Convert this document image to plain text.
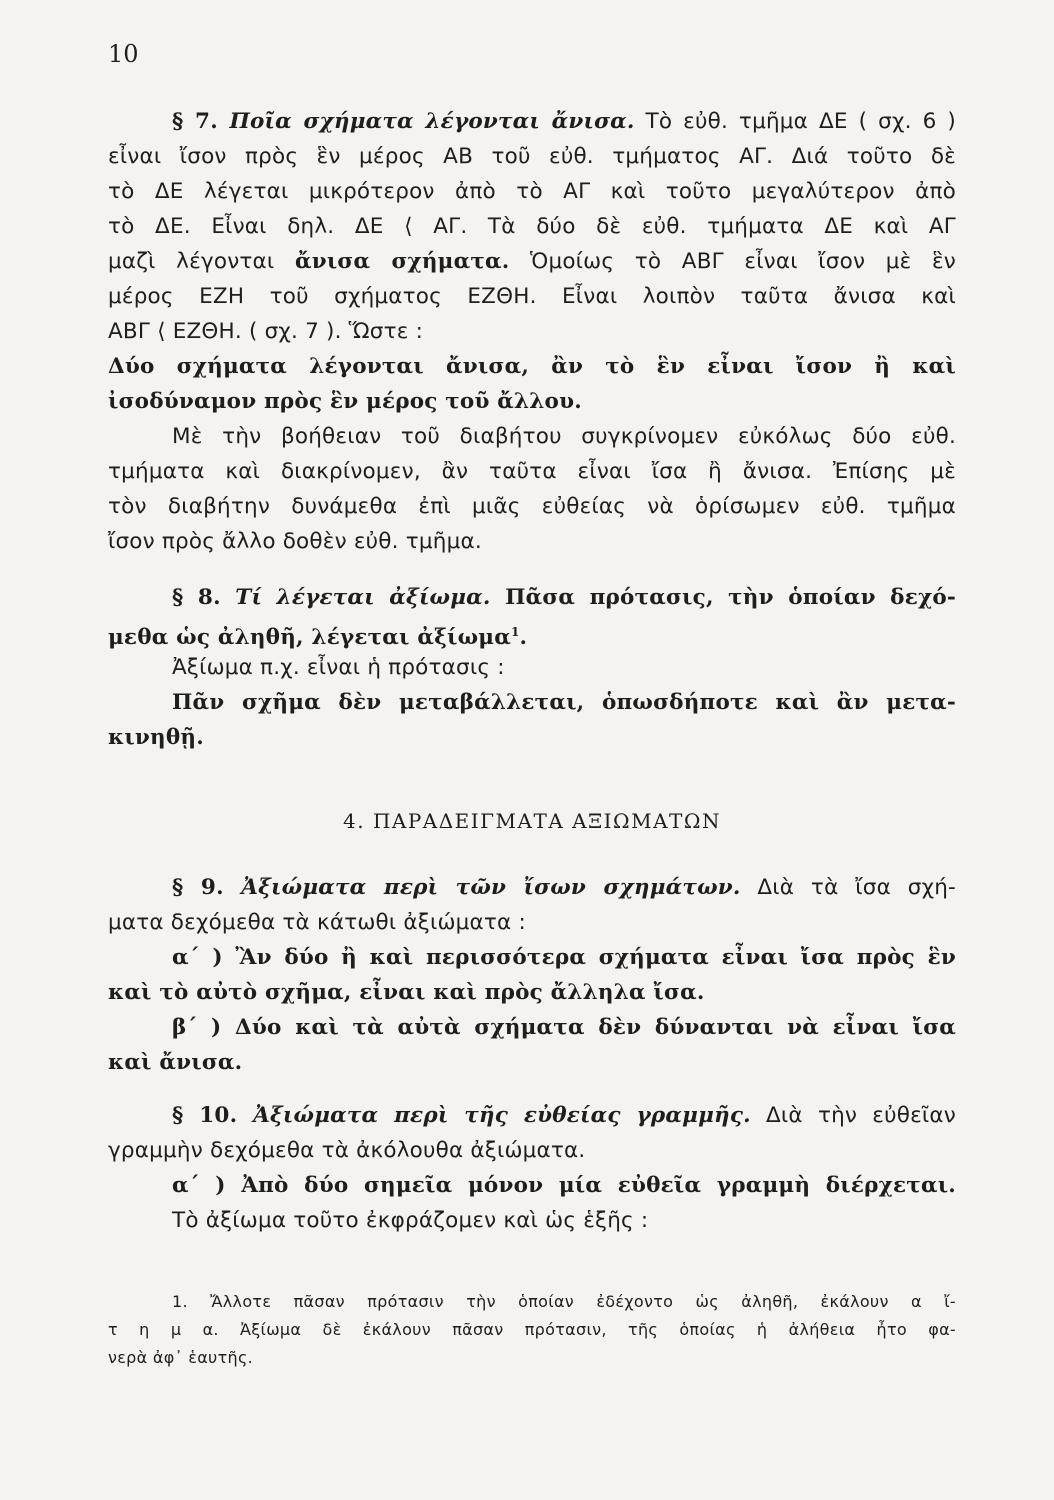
10
§ 7. Ποῖα σχήματα λέγονται ἄνισα. Τὸ εὐθ. τμῆμα ΔΕ ( σχ. 6 )
εἶναι ἴσον πρὸς ἓν μέρος ΑΒ τοῦ εὐθ. τμήματος ΑΓ. Διά τοῦτο δὲ
τὸ ΔΕ λέγεται μικρότερον ἀπὸ τὸ ΑΓ καὶ τοῦτο μεγαλύτερον ἀπὸ
τὸ ΔΕ. Εἶναι δηλ. ΔΕ ⟨ ΑΓ. Τὰ δύο δὲ εὐθ. τμήματα ΔΕ καὶ ΑΓ
μαζὶ λέγονται ἄνισα σχήματα. Ὁμοίως τὸ ΑΒΓ εἶναι ἴσον μὲ ἓν
μέρος ΕΖΗ τοῦ σχήματος ΕΖΘΗ. Εἶναι λοιπὸν ταῦτα ἄνισα καὶ
ΑΒΓ ⟨ ΕΖΘΗ. ( σχ. 7 ). Ὥστε :
Δύο σχήματα λέγονται ἄνισα, ἂν τὸ ἓν εἶναι ἴσον ἢ καὶ
ἰσοδύναμον πρὸς ἓν μέρος τοῦ ἄλλου.
Μὲ τὴν βοήθειαν τοῦ διαβήτου συγκρίνομεν εὐκόλως δύο εὐθ.
τμήματα καὶ διακρίνομεν, ἂν ταῦτα εἶναι ἴσα ἢ ἄνισα. Ἐπίσης μὲ
τὸν διαβήτην δυνάμεθα ἐπὶ μιᾶς εὐθείας νὰ ὁρίσωμεν εὐθ. τμῆμα
ἴσον πρὸς ἄλλο δοθὲν εὐθ. τμῆμα.
§ 8. Τί λέγεται ἀξίωμα. Πᾶσα πρότασις, τὴν ὁποίαν δεχό-
μεθα ὡς ἀληθῆ, λέγεται ἀξίωμα$^1$.
Ἀξίωμα π.χ. εἶναι ἡ πρότασις :
Πᾶν σχῆμα δὲν μεταβάλλεται, ὁπωσδήποτε καὶ ἂν μετα-
κινηθῇ.
4. ΠΑΡΑΔΕΙΓΜΑΤΑ ΑΞΙΩΜΑΤΩΝ
§ 9. Ἀξιώματα περὶ τῶν ἴσων σχημάτων. Διὰ τὰ ἴσα σχή-
ματα δεχόμεθα τὰ κάτωθι ἀξιώματα :
α΄ ) Ἂν δύο ἢ καὶ περισσότερα σχήματα εἶναι ἴσα πρὸς ἓν
καὶ τὸ αὐτὸ σχῆμα, εἶναι καὶ πρὸς ἄλληλα ἴσα.
β΄ ) Δύο καὶ τὰ αὐτὰ σχήματα δὲν δύνανται νὰ εἶναι ἴσα
καὶ ἄνισα.
§ 10. Ἀξιώματα περὶ τῆς εὐθείας γραμμῆς. Διὰ τὴν εὐθεῖαν
γραμμὴν δεχόμεθα τὰ ἀκόλουθα ἀξιώματα.
α΄ ) Ἀπὸ δύο σημεῖα μόνον μία εὐθεῖα γραμμὴ διέρχεται.
Τὸ ἀξίωμα τοῦτο ἐκφράζομεν καὶ ὡς ἑξῆς :
1. Ἄλλοτε πᾶσαν πρότασιν τὴν ὁποίαν ἐδέχοντο ὡς ἀληθῆ, ἐκάλουν α ἴ-
τ η μ α. Ἀξίωμα δὲ ἐκάλουν πᾶσαν πρότασιν, τῆς ὁποίας ἡ ἀλήθεια ἦτο φα-
νερὰ ἀφ᾽ ἑαυτῆς.
